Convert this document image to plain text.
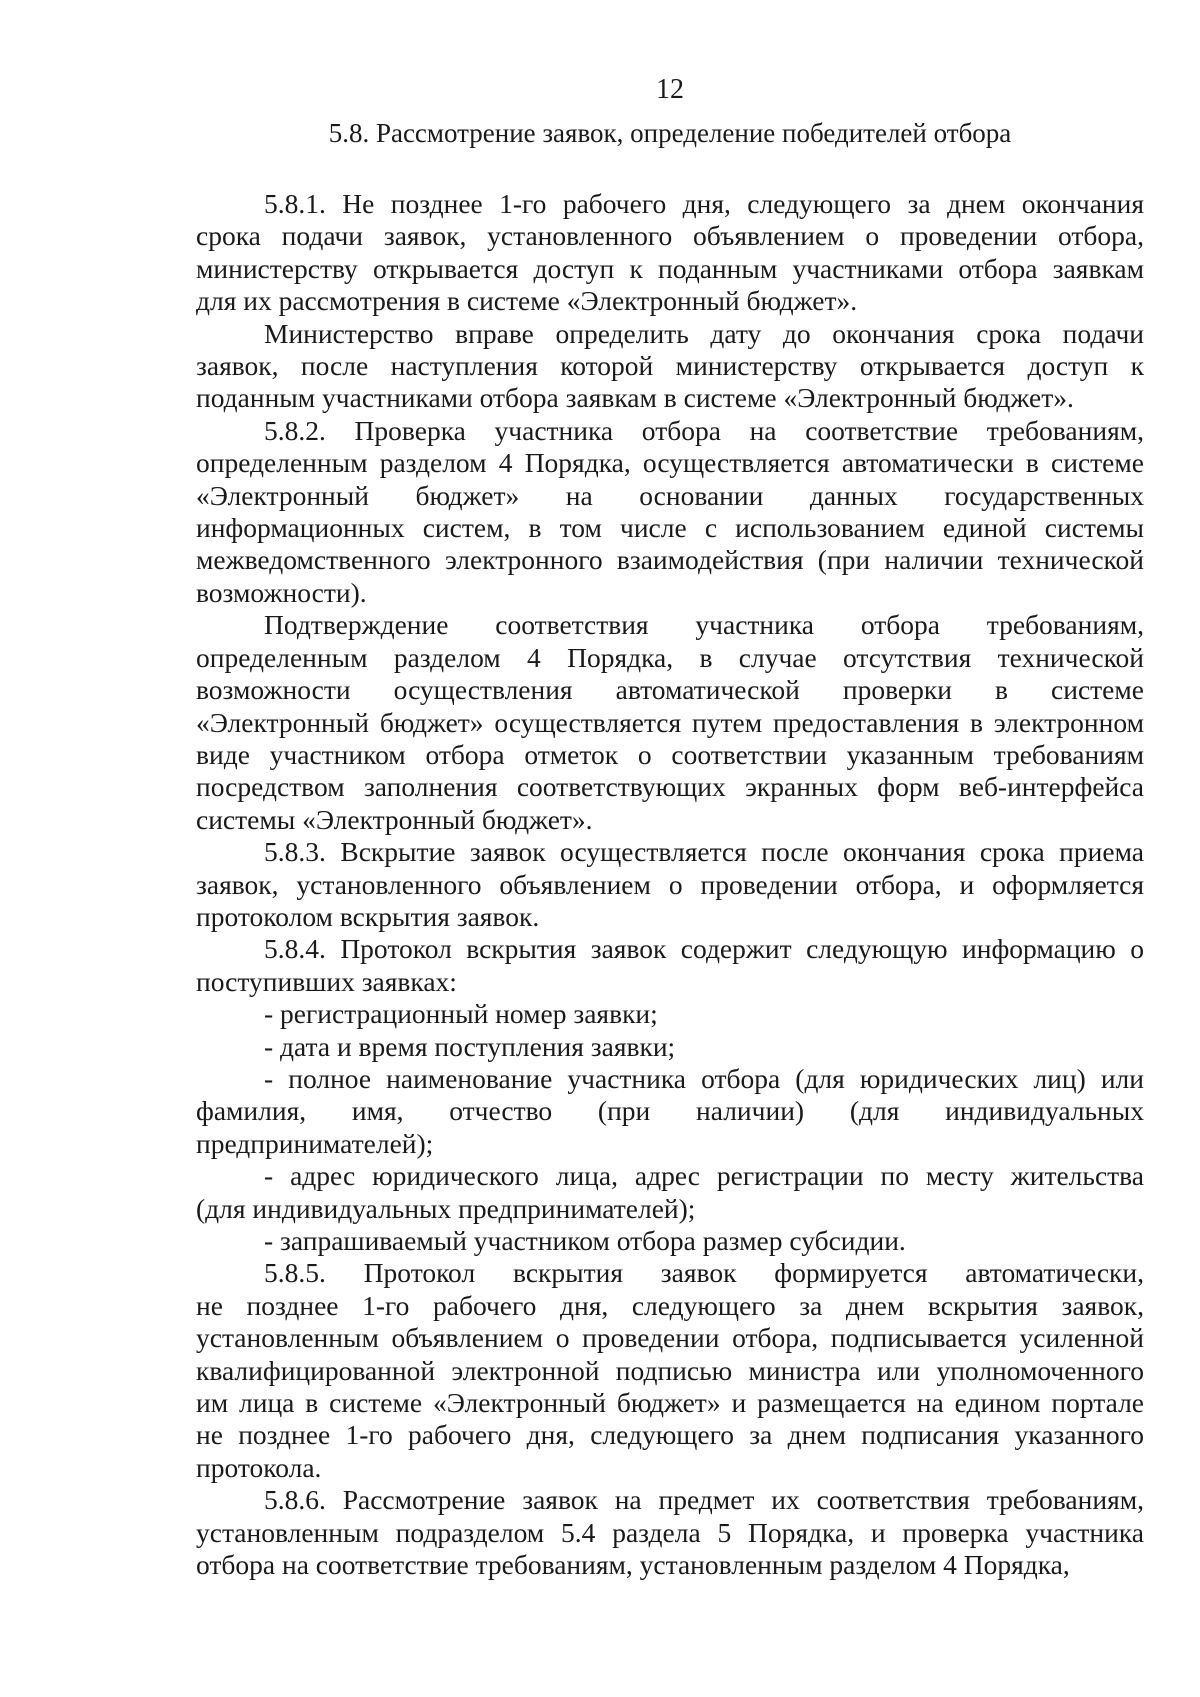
12
5.8. Рассмотрение заявок, определение победителей отбора
5.8.1. Не позднее 1-го рабочего дня, следующего за днем окончания
срока подачи заявок, установленного объявлением о проведении отбора,
министерству открывается доступ к поданным участниками отбора заявкам
для их рассмотрения в системе «Электронный бюджет».
Министерство вправе определить дату до окончания срока подачи
заявок, после наступления которой министерству открывается доступ к
поданным участниками отбора заявкам в системе «Электронный бюджет».
5.8.2. Проверка участника отбора на соответствие требованиям,
определенным разделом 4 Порядка, осуществляется автоматически в системе
«Электронный бюджет» на основании данных государственных
информационных систем, в том числе с использованием единой системы
межведомственного электронного взаимодействия (при наличии технической
возможности).
Подтверждение соответствия участника отбора требованиям,
определенным разделом 4 Порядка, в случае отсутствия технической
возможности осуществления автоматической проверки в системе
«Электронный бюджет» осуществляется путем предоставления в электронном
виде участником отбора отметок о соответствии указанным требованиям
посредством заполнения соответствующих экранных форм веб-интерфейса
системы «Электронный бюджет».
5.8.3. Вскрытие заявок осуществляется после окончания срока приема
заявок, установленного объявлением о проведении отбора, и оформляется
протоколом вскрытия заявок.
5.8.4. Протокол вскрытия заявок содержит следующую информацию о
поступивших заявках:
- регистрационный номер заявки;
- дата и время поступления заявки;
- полное наименование участника отбора (для юридических лиц) или
фамилия, имя, отчество (при наличии) (для индивидуальных
предпринимателей);
- адрес юридического лица, адрес регистрации по месту жительства
(для индивидуальных предпринимателей);
- запрашиваемый участником отбора размер субсидии.
5.8.5. Протокол вскрытия заявок формируется автоматически,
не позднее 1-го рабочего дня, следующего за днем вскрытия заявок,
установленным объявлением о проведении отбора, подписывается усиленной
квалифицированной электронной подписью министра или уполномоченного
им лица в системе «Электронный бюджет» и размещается на едином портале
не позднее 1-го рабочего дня, следующего за днем подписания указанного
протокола.
5.8.6. Рассмотрение заявок на предмет их соответствия требованиям,
установленным подразделом 5.4 раздела 5 Порядка, и проверка участника
отбора на соответствие требованиям, установленным разделом 4 Порядка,
